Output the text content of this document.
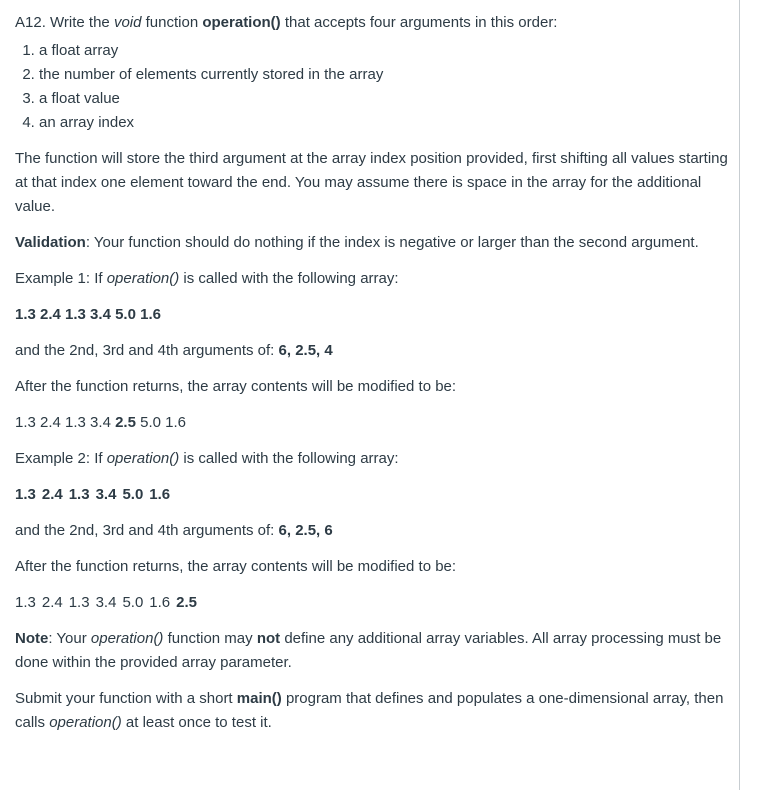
A12. Write the void function operation() that accepts four arguments in this order:

1. a float array
2. the number of elements currently stored in the array
3. a float value
4. an array index

The function will store the third argument at the array index position provided, first shifting all values starting at that index one element toward the end. You may assume there is space in the array for the additional value.

Validation: Your function should do nothing if the index is negative or larger than the second argument.

Example 1: If operation() is called with the following array:

1.3 2.4 1.3 3.4 5.0 1.6

and the 2nd, 3rd and 4th arguments of: 6, 2.5, 4

After the function returns, the array contents will be modified to be:

1.3 2.4 1.3 3.4 2.5 5.0 1.6

Example 2: If operation() is called with the following array:

1.3 2.4 1.3 3.4 5.0 1.6

and the 2nd, 3rd and 4th arguments of: 6, 2.5, 6

After the function returns, the array contents will be modified to be:

1.3 2.4 1.3 3.4 5.0 1.6 2.5

Note: Your operation() function may not define any additional array variables. All array processing must be done within the provided array parameter.

Submit your function with a short main() program that defines and populates a one-dimensional array, then calls operation() at least once to test it.
